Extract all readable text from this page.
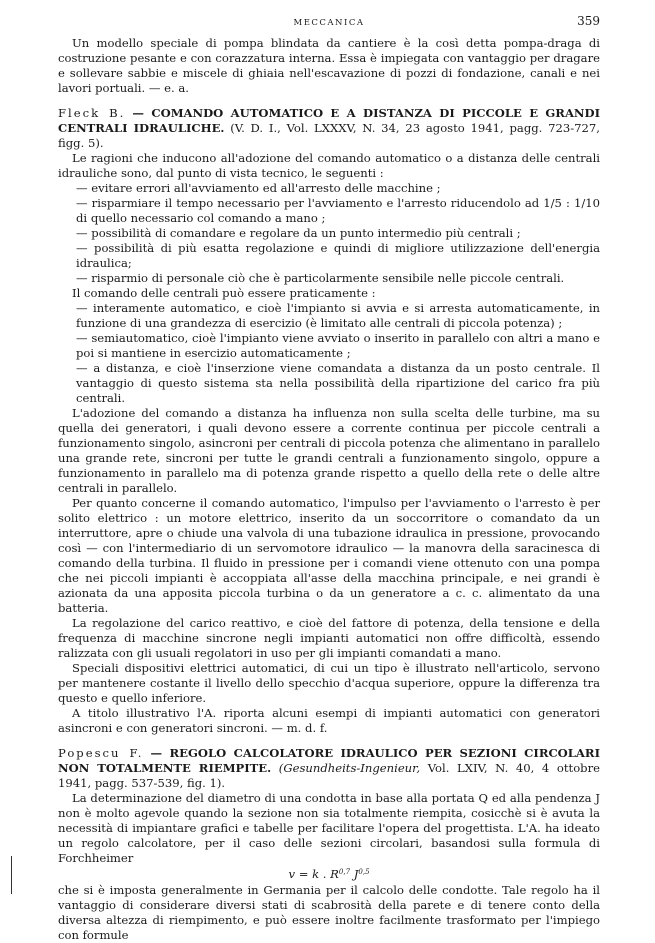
MECCANICA	359

Un modello speciale di pompa blindata da cantiere è la così detta pompa-draga di costruzione pesante e con corazzatura interna. Essa è impiegata con vantaggio per dragare e sollevare sabbie e miscele di ghiaia nell'escavazione di pozzi di fondazione, canali e nei lavori portuali. — e. a.

Fleck B. — COMANDO AUTOMATICO E A DISTANZA DI PICCOLE E GRANDI CENTRALI IDRAULICHE. (V. D. I., Vol. LXXXV, N. 34, 23 agosto 1941, pagg. 723-727, figg. 5).

Le ragioni che inducono all'adozione del comando automatico o a distanza delle centrali idrauliche sono, dal punto di vista tecnico, le seguenti :

— evitare errori all'avviamento ed all'arresto delle macchine ;

— risparmiare il tempo necessario per l'avviamento e l'arresto riducendolo ad 1/5 : 1/10 di quello necessario col comando a mano ;

— possibilità di comandare e regolare da un punto intermedio più centrali ;

— possibilità di più esatta regolazione e quindi di migliore utilizzazione dell'energia idraulica;

— risparmio di personale ciò che è particolarmente sensibile nelle piccole centrali.

Il comando delle centrali può essere praticamente :

— interamente automatico, e cioè l'impianto si avvia e si arresta automaticamente, in funzione di una grandezza di esercizio (è limitato alle centrali di piccola potenza) ;

— semiautomatico, cioè l'impianto viene avviato o inserito in parallelo con altri a mano e poi si mantiene in esercizio automaticamente ;

— a distanza, e cioè l'inserzione viene comandata a distanza da un posto centrale. Il vantaggio di questo sistema sta nella possibilità della ripartizione del carico fra più centrali.

L'adozione del comando a distanza ha influenza non sulla scelta delle turbine, ma su quella dei generatori, i quali devono essere a corrente continua per piccole centrali a funzionamento singolo, asincroni per centrali di piccola potenza che alimentano in parallelo una grande rete, sincroni per tutte le grandi centrali a funzionamento singolo, oppure a funzionamento in parallelo ma di potenza grande rispetto a quello della rete o delle altre centrali in parallelo.

Per quanto concerne il comando automatico, l'impulso per l'avviamento o l'arresto è per solito elettrico : un motore elettrico, inserito da un soccorritore o comandato da un interruttore, apre o chiude una valvola di una tubazione idraulica in pressione, provocando così — con l'intermediario di un servomotore idraulico — la manovra della saracinesca di comando della turbina. Il fluido in pressione per i comandi viene ottenuto con una pompa che nei piccoli impianti è accoppiata all'asse della macchina principale, e nei grandi è azionata da una apposita piccola turbina o da un generatore a c. c. alimentato da una batteria.

La regolazione del carico reattivo, e cioè del fattore di potenza, della tensione e della frequenza di macchine sincrone negli impianti automatici non offre difficoltà, essendo ralizzata con gli usuali regolatori in uso per gli impianti comandati a mano.

Speciali dispositivi elettrici automatici, di cui un tipo è illustrato nell'articolo, servono per mantenere costante il livello dello specchio d'acqua superiore, oppure la differenza tra questo e quello inferiore.

A titolo illustrativo l'A. riporta alcuni esempi di impianti automatici con generatori asincroni e con generatori sincroni. — m. d. f.

Popescu F. — REGOLO CALCOLATORE IDRAULICO PER SEZIONI CIRCOLARI NON TOTALMENTE RIEMPITE. (Gesundheits-Ingenieur, Vol. LXIV, N. 40, 4 ottobre 1941, pagg. 537-539, fig. 1).

La determinazione del diametro di una condotta in base alla portata Q ed alla pendenza J non è molto agevole quando la sezione non sia totalmente riempita, cosicchè si è avuta la necessità di impiantare grafici e tabelle per facilitare l'opera del progettista. L'A. ha ideato un regolo calcolatore, per il caso delle sezioni circolari, basandosi sulla formula di Forchheimer

v = k . R$^{0,7}$ J$^{0,5}$

che si è imposta generalmente in Germania per il calcolo delle condotte. Tale regolo ha il vantaggio di considerare diversi stati di scabrosità della parete e di tenere conto della diversa altezza di riempimento, e può essere inoltre facilmente trasformato per l'impiego con formule
